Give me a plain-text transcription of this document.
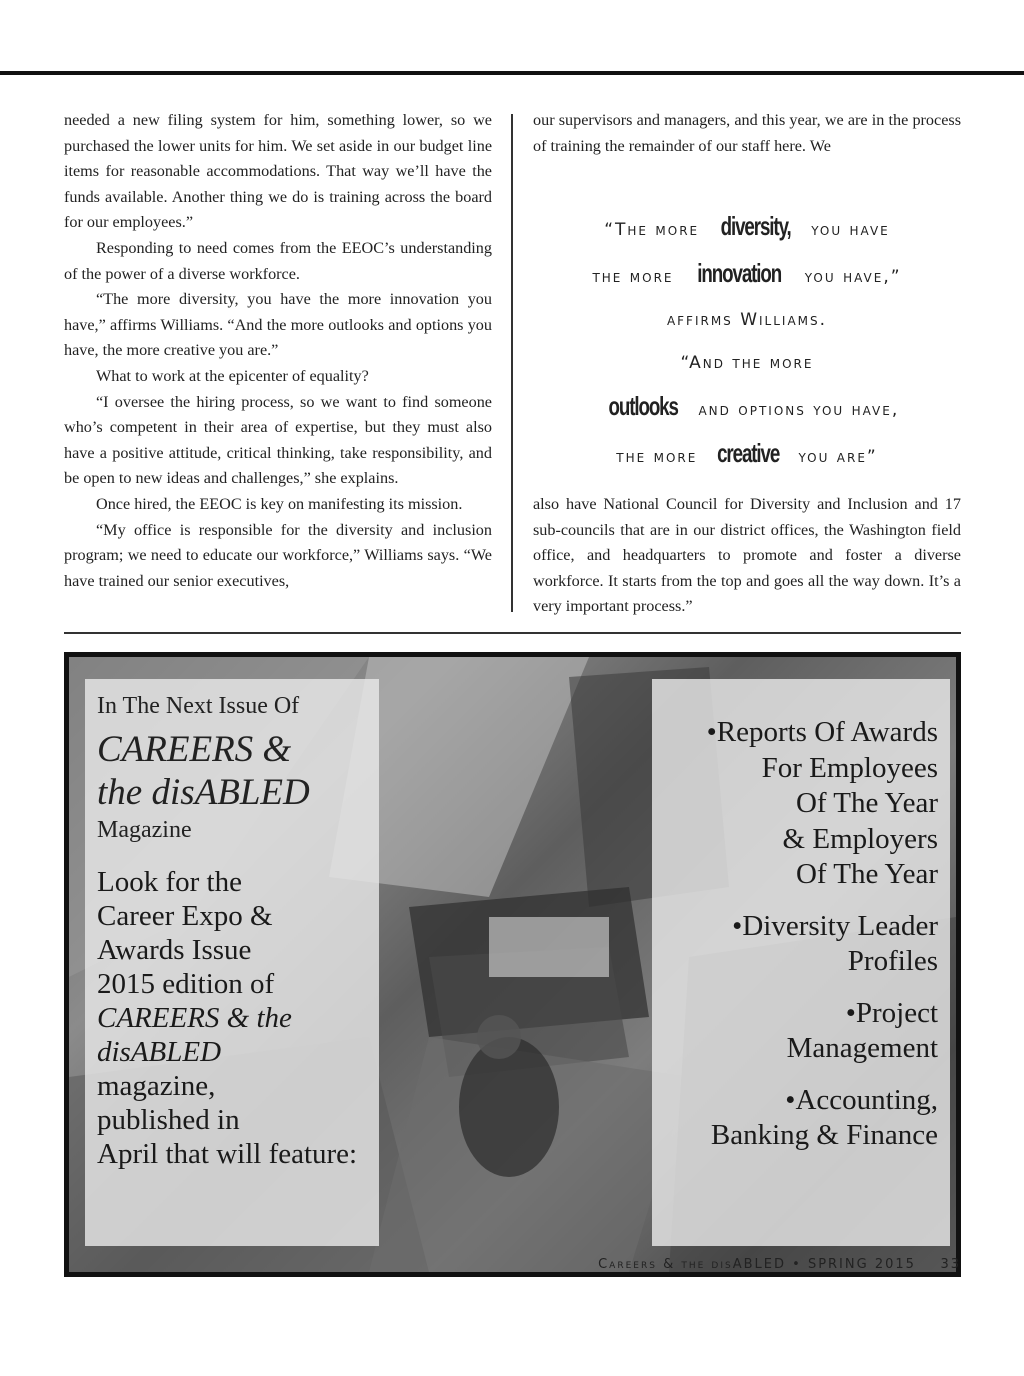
needed a new filing system for him, something lower, so we purchased the lower units for him. We set aside in our budget line items for reasonable accommodations. That way we’ll have the funds available. Another thing we do is training across the board for our employees.”

Responding to need comes from the EEOC’s understanding of the power of a diverse workforce.

“The more diversity, you have the more innovation you have,” affirms Williams. “And the more outlooks and options you have, the more creative you are.”

What to work at the epicenter of equality?

“I oversee the hiring process, so we want to find someone who’s competent in their area of expertise, but they must also have a positive attitude, critical thinking, take responsibility, and be open to new ideas and challenges,” she explains.

Once hired, the EEOC is key on manifesting its mission.

“My office is responsible for the diversity and inclusion program; we need to educate our workforce,” Williams says. “We have trained our senior executives,

our supervisors and managers, and this year, we are in the process of training the remainder of our staff here. We

“The more diversity, you have
the more innovation you have,”
affirms Williams.
“And the more
outlooks and options you have,
the more creative you are”

also have National Council for Diversity and Inclusion and 17 sub-councils that are in our district offices, the Washington field office, and headquarters to promote and foster a diverse workforce. It starts from the top and goes all the way down. It’s a very important process.”

In The Next Issue Of
CAREERS &
the disABLED
Magazine
Look for the
Career Expo &
Awards Issue
2015 edition of
CAREERS & the
disABLED
magazine,
published in
April that will feature:
•Reports Of Awards
For Employees
Of The Year
& Employers
Of The Year
•Diversity Leader
Profiles
•Project
Management
•Accounting,
Banking & Finance
Careers & the disABLED • SPRING 2015 33
